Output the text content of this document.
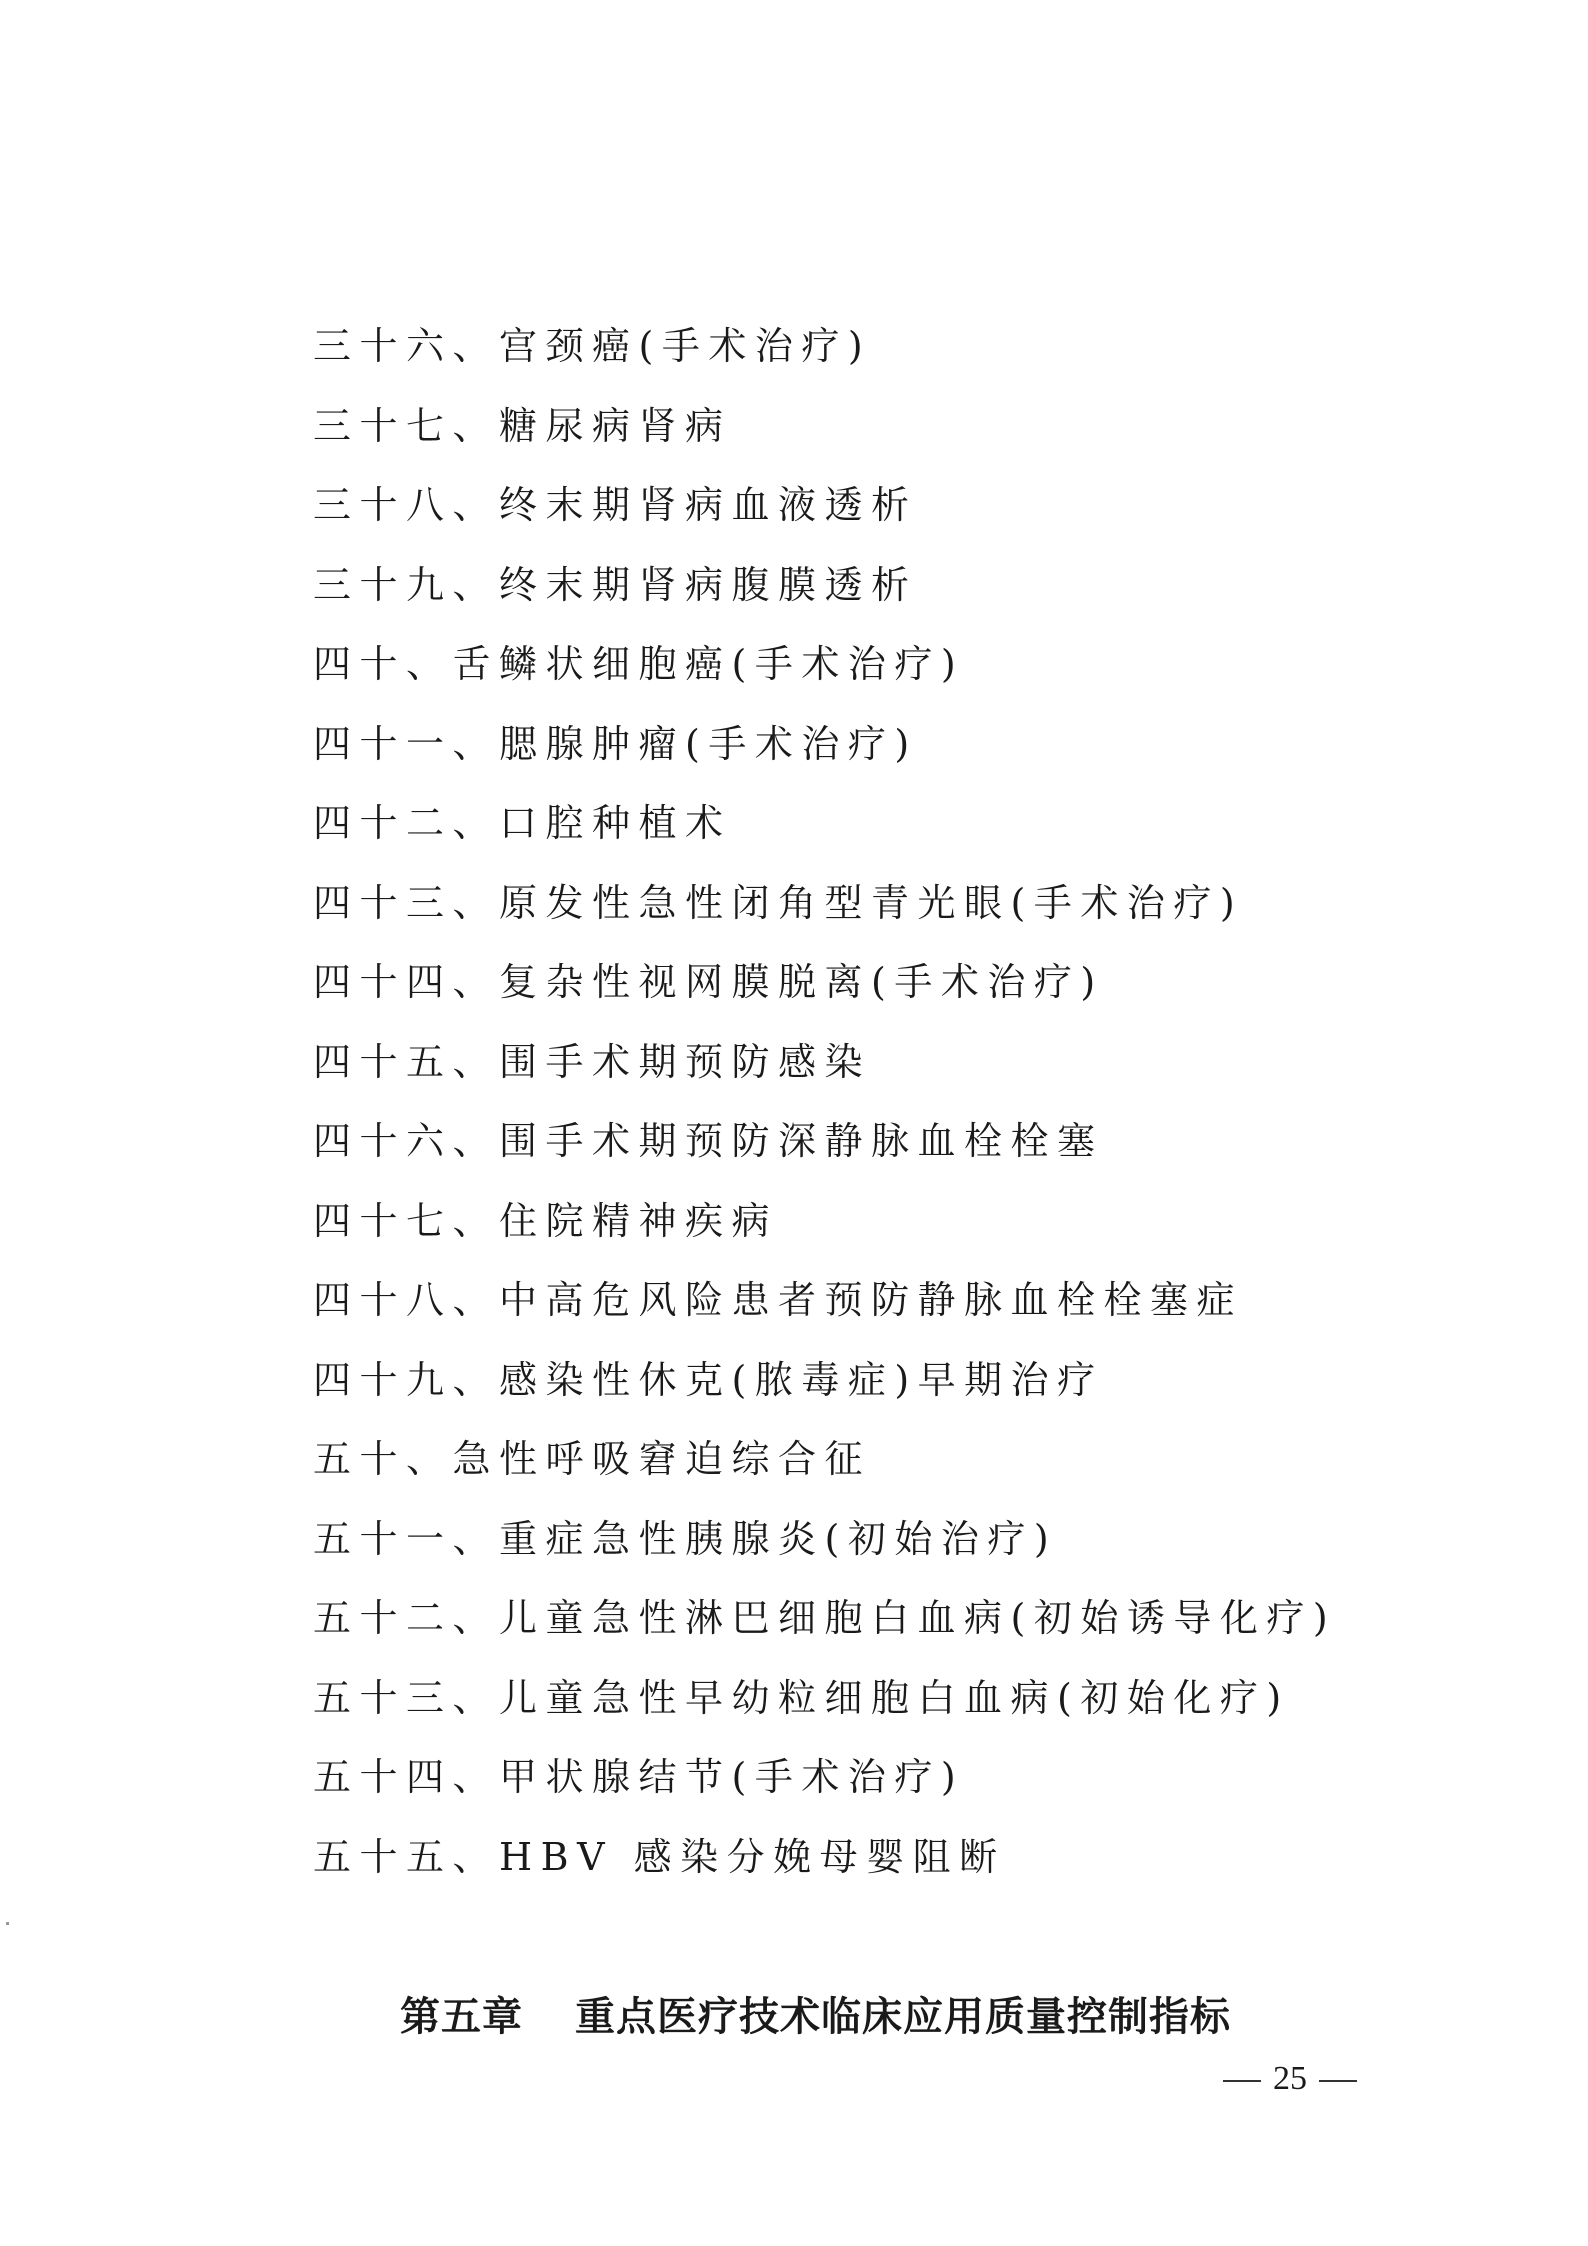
三十六、宫颈癌(手术治疗)
三十七、糖尿病肾病
三十八、终末期肾病血液透析
三十九、终末期肾病腹膜透析
四十、舌鳞状细胞癌(手术治疗)
四十一、腮腺肿瘤(手术治疗)
四十二、口腔种植术
四十三、原发性急性闭角型青光眼(手术治疗)
四十四、复杂性视网膜脱离(手术治疗)
四十五、围手术期预防感染
四十六、围手术期预防深静脉血栓栓塞
四十七、住院精神疾病
四十八、中高危风险患者预防静脉血栓栓塞症
四十九、感染性休克(脓毒症)早期治疗
五十、急性呼吸窘迫综合征
五十一、重症急性胰腺炎(初始治疗)
五十二、儿童急性淋巴细胞白血病(初始诱导化疗)
五十三、儿童急性早幼粒细胞白血病(初始化疗)
五十四、甲状腺结节(手术治疗)
五十五、HBV 感染分娩母婴阻断
第五章 重点医疗技术临床应用质量控制指标
25
